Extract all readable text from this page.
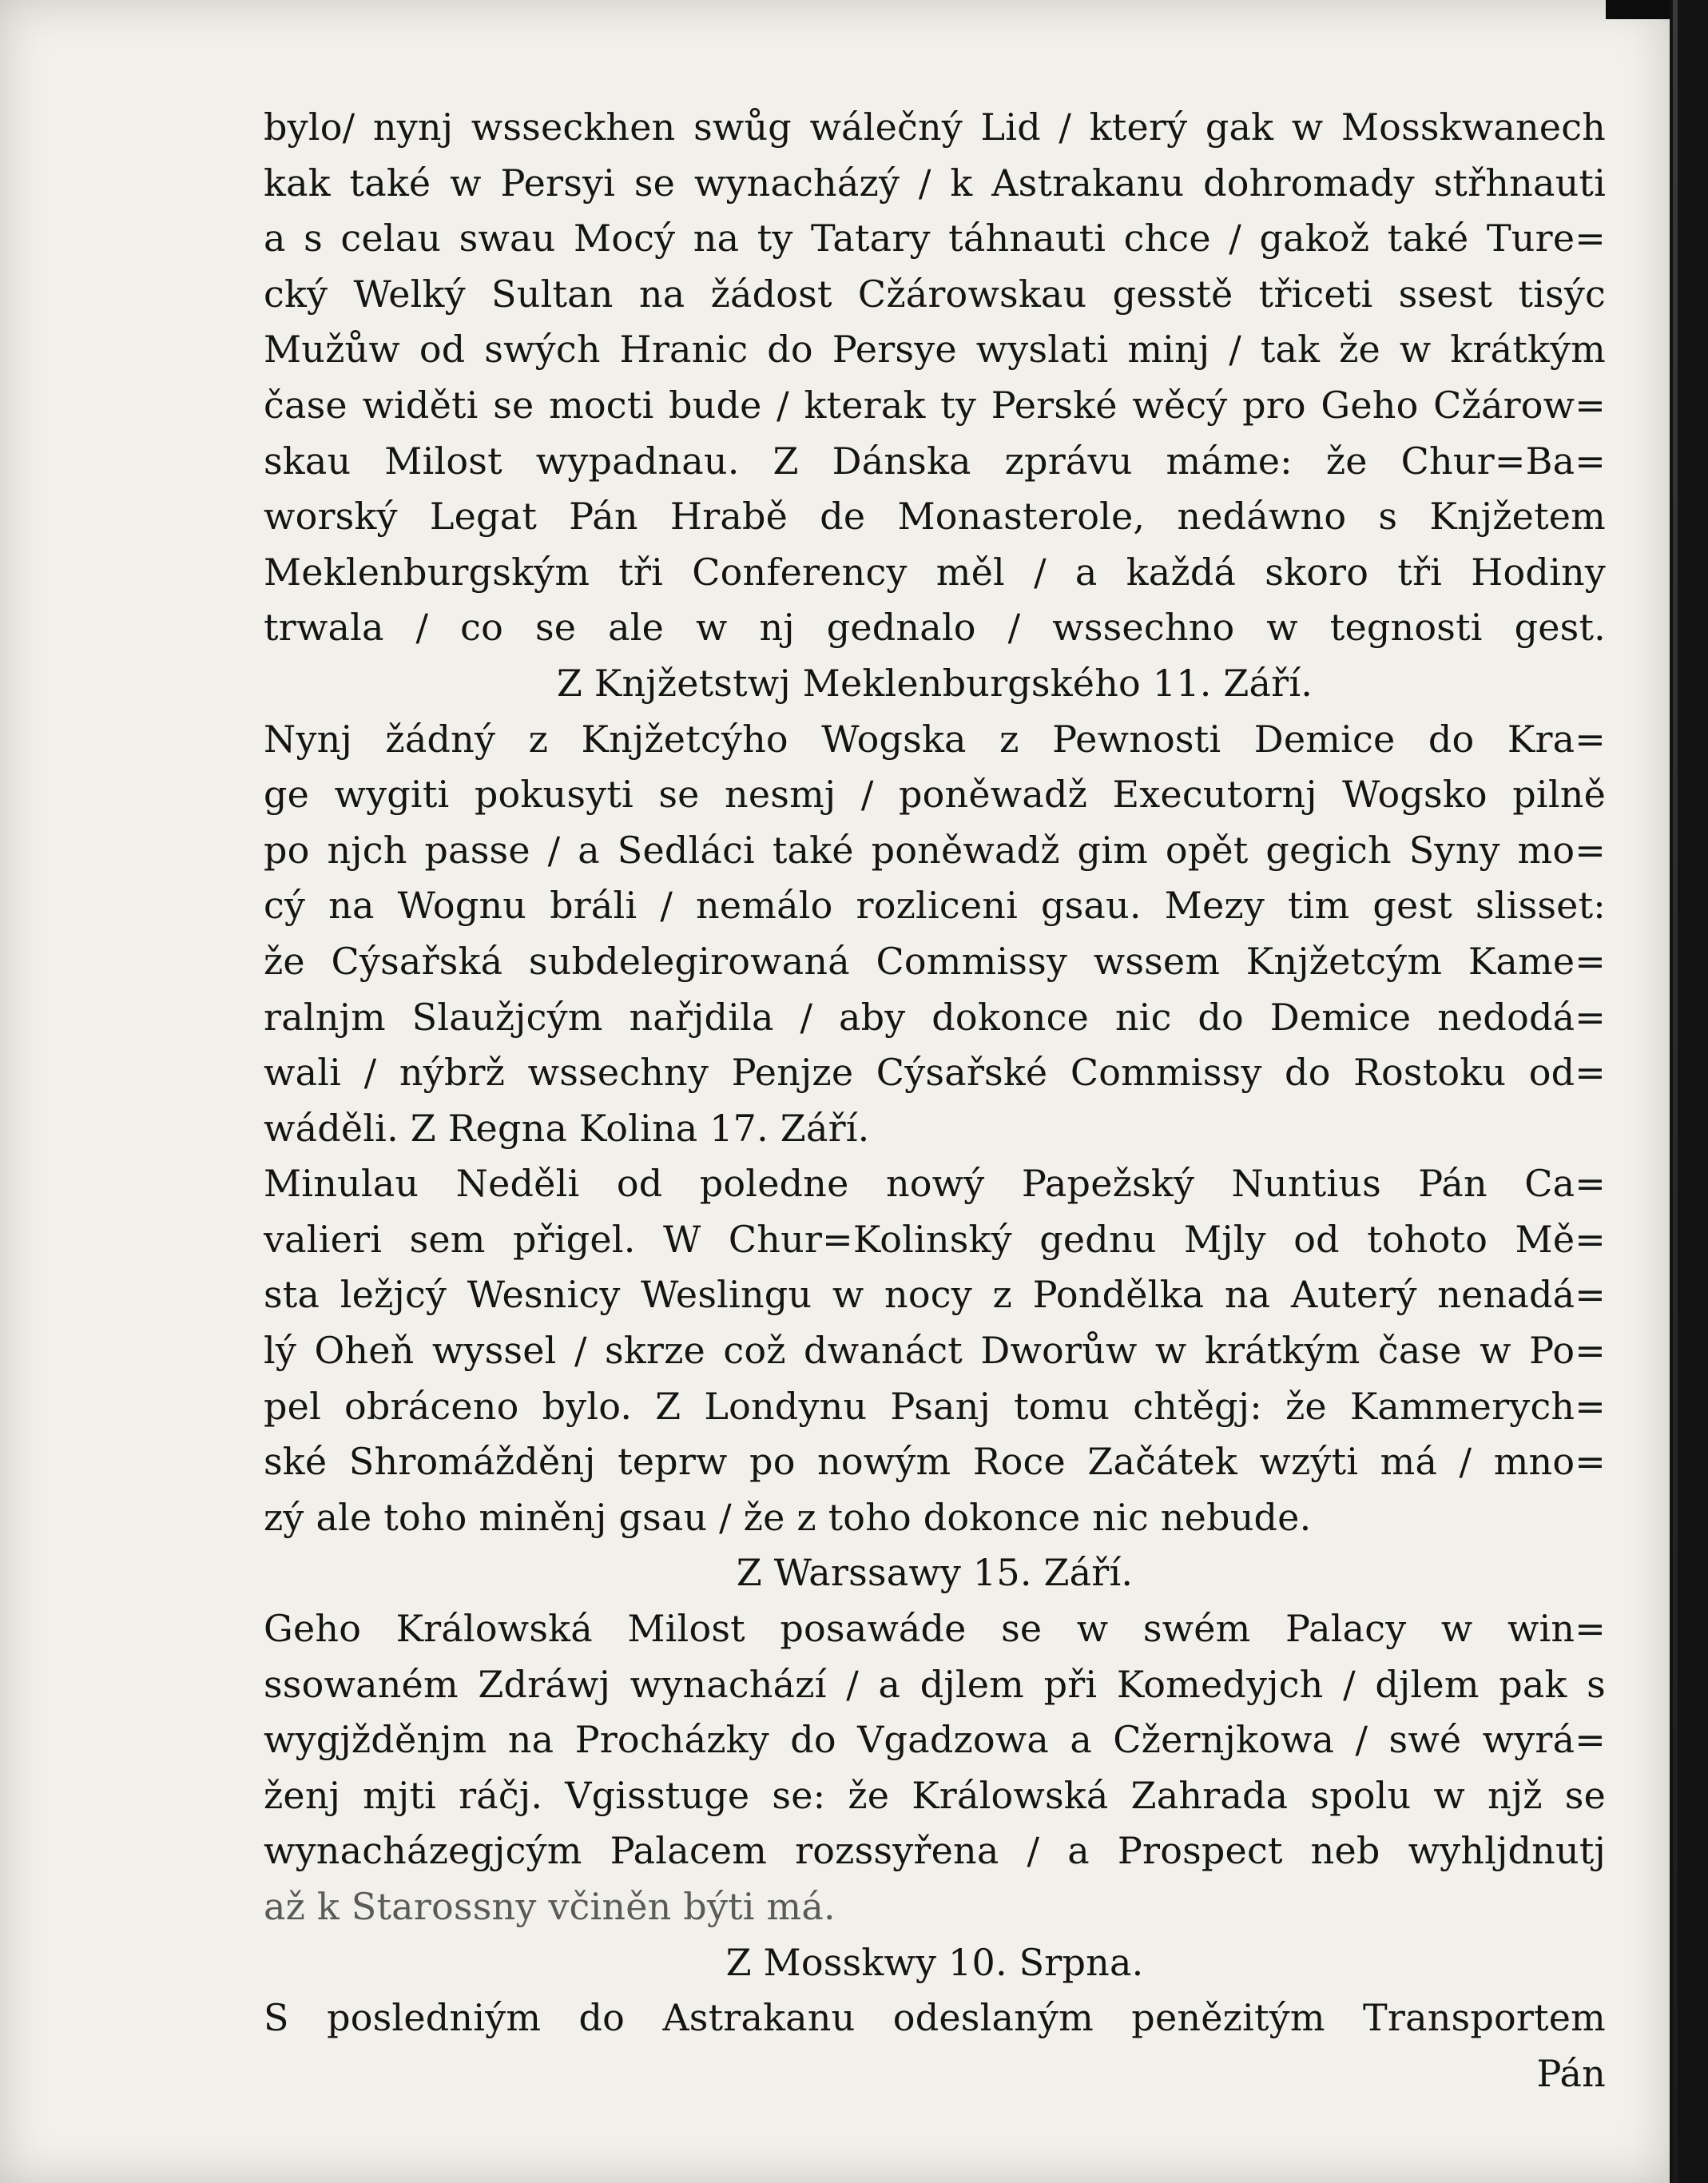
bylo/ nynj wsseckhen swůg wálečný Lid / který gak w Mosskwanech
kak také w Persyi se wynacházý / k Astrakanu dohromady střhnauti
a s celau swau Mocý na ty Tatary táhnauti chce / gakož také Ture=
cký Welký Sultan na žádost Cžárowskau gesstě třiceti ssest tisýc
Mužůw od swých Hranic do Persye wyslati minj / tak že w krátkým
čase widěti se mocti bude / kterak ty Perské wěcý pro Geho Cžárow=
skau Milost wypadnau. Z Dánska zprávu máme: že Chur=Ba=
worský Legat Pán Hrabě de Monasterole, nedáwno s Knjžetem
Meklenburgským tři Conferency měl / a každá skoro tři Hodiny
trwala / co se ale w nj gednalo / wssechno w tegnosti gest.
Z Knjžetstwj Meklenburgského 11. Září.
Nynj žádný z Knjžetcýho Wogska z Pewnosti Demice do Kra=
ge wygiti pokusyti se nesmj / poněwadž Executornj Wogsko pilně
po njch passe / a Sedláci také poněwadž gim opět gegich Syny mo=
cý na Wognu bráli / nemálo rozliceni gsau. Mezy tim gest slisset:
že Cýsařská subdelegirowaná Commissy wssem Knjžetcým Kame=
ralnjm Slaužjcým nařjdila / aby dokonce nic do Demice nedodá=
wali / nýbrž wssechny Penjze Cýsařské Commissy do Rostoku od=
wáděli. Z Regna Kolina 17. Září.
Minulau Neděli od poledne nowý Papežský Nuntius Pán Ca=
valieri sem přigel. W Chur=Kolinský gednu Mjly od tohoto Mě=
sta ležjcý Wesnicy Weslingu w nocy z Pondělka na Auterý nenadá=
lý Oheň wyssel / skrze což dwanáct Dworůw w krátkým čase w Po=
pel obráceno bylo. Z Londynu Psanj tomu chtěgj: že Kammerych=
ské Shromážděnj teprw po nowým Roce Začátek wzýti má / mno=
zý ale toho miněnj gsau / že z toho dokonce nic nebude.
Z Warssawy 15. Září.
Geho Králowská Milost posawáde se w swém Palacy w win=
ssowaném Zdráwj wynachází / a djlem při Komedyjch / djlem pak s
wygjžděnjm na Procházky do Vgadzowa a Cžernjkowa / swé wyrá=
ženj mjti ráčj. Vgisstuge se: že Králowská Zahrada spolu w njž se
wynacházegjcým Palacem rozssyřena / a Prospect neb wyhljdnutj
až k Starossny včiněn býti má.
Z Mosskwy 10. Srpna.
S posledniým do Astrakanu odeslaným penězitým Transportem
Pán
